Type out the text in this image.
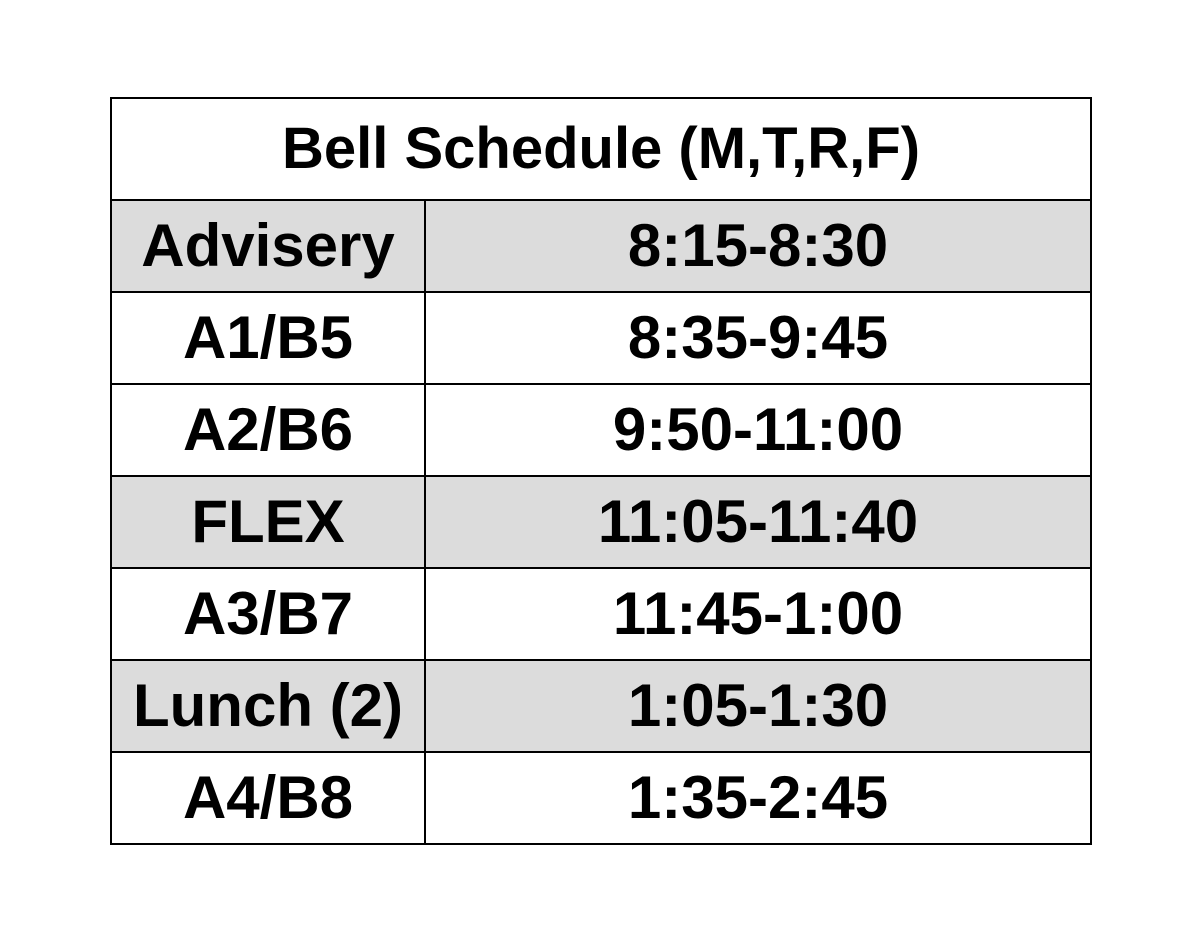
Bell Schedule (M,T,R,F)	
Advisery	8:15-8:30
A1/B5	8:35-9:45
A2/B6	9:50-11:00
FLEX	11:05-11:40
A3/B7	11:45-1:00
Lunch (2)	1:05-1:30
A4/B8	1:35-2:45
